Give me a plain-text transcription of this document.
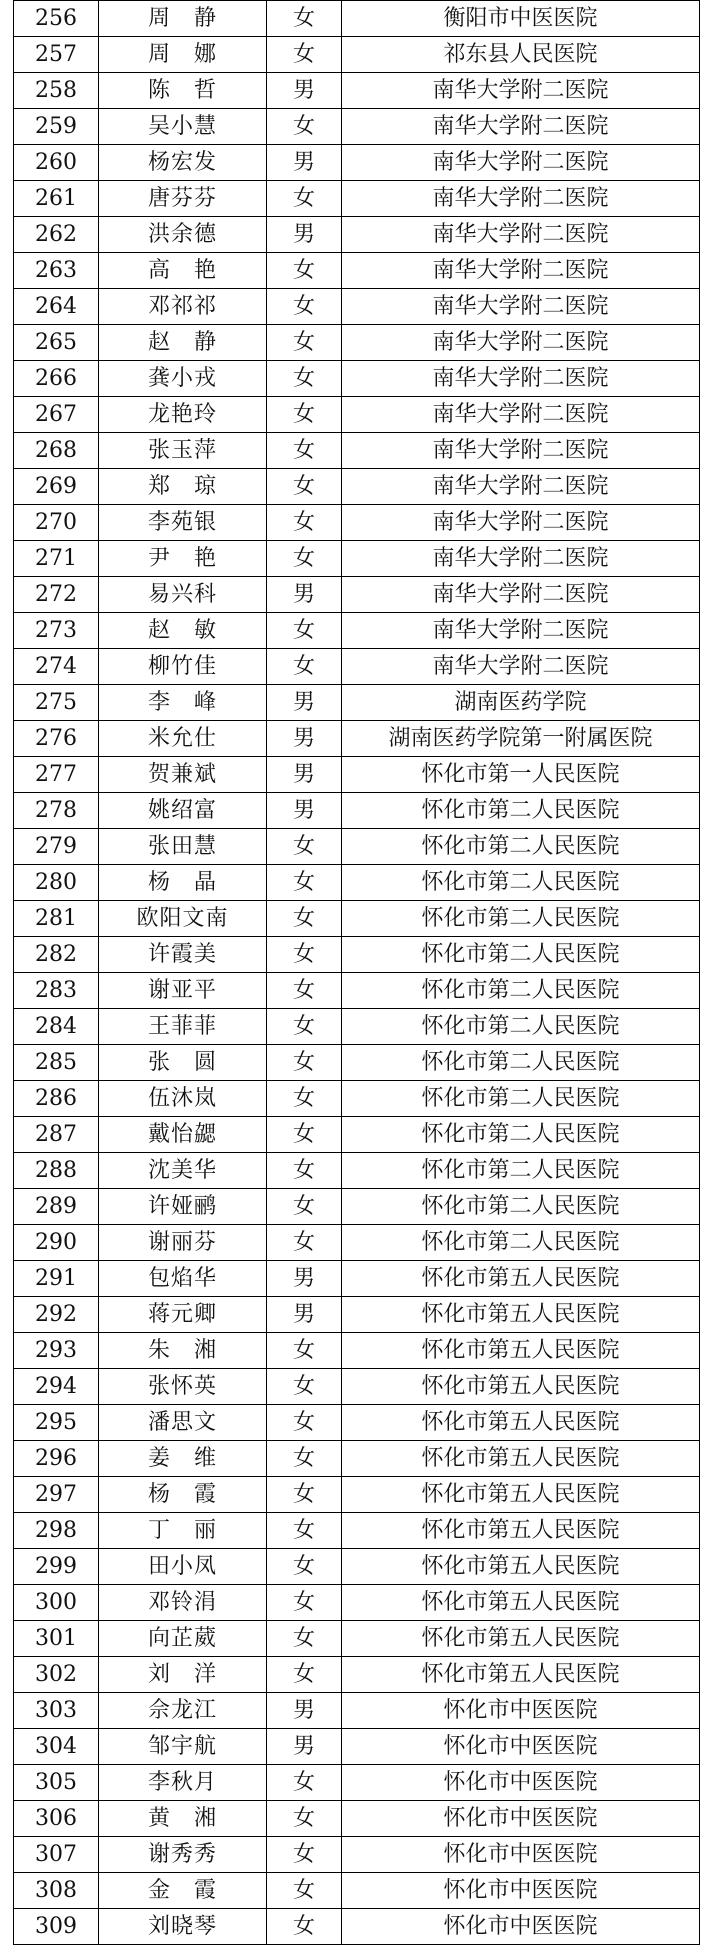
256	周　静	女	衡阳市中医医院
257	周　娜	女	祁东县人民医院
258	陈　哲	男	南华大学附二医院
259	吴小慧	女	南华大学附二医院
260	杨宏发	男	南华大学附二医院
261	唐芬芬	女	南华大学附二医院
262	洪余德	男	南华大学附二医院
263	高　艳	女	南华大学附二医院
264	邓祁祁	女	南华大学附二医院
265	赵　静	女	南华大学附二医院
266	龚小戎	女	南华大学附二医院
267	龙艳玲	女	南华大学附二医院
268	张玉萍	女	南华大学附二医院
269	郑　琼	女	南华大学附二医院
270	李苑银	女	南华大学附二医院
271	尹　艳	女	南华大学附二医院
272	易兴科	男	南华大学附二医院
273	赵　敏	女	南华大学附二医院
274	柳竹佳	女	南华大学附二医院
275	李　峰	男	湖南医药学院
276	米允仕	男	湖南医药学院第一附属医院
277	贺兼斌	男	怀化市第一人民医院
278	姚绍富	男	怀化市第二人民医院
279	张田慧	女	怀化市第二人民医院
280	杨　晶	女	怀化市第二人民医院
281	欧阳文南	女	怀化市第二人民医院
282	许霞美	女	怀化市第二人民医院
283	谢亚平	女	怀化市第二人民医院
284	王菲菲	女	怀化市第二人民医院
285	张　圆	女	怀化市第二人民医院
286	伍沐岚	女	怀化市第二人民医院
287	戴怡勰	女	怀化市第二人民医院
288	沈美华	女	怀化市第二人民医院
289	许娅鹂	女	怀化市第二人民医院
290	谢丽芬	女	怀化市第二人民医院
291	包焰华	男	怀化市第五人民医院
292	蒋元卿	男	怀化市第五人民医院
293	朱　湘	女	怀化市第五人民医院
294	张怀英	女	怀化市第五人民医院
295	潘思文	女	怀化市第五人民医院
296	姜　维	女	怀化市第五人民医院
297	杨　霞	女	怀化市第五人民医院
298	丁　丽	女	怀化市第五人民医院
299	田小凤	女	怀化市第五人民医院
300	邓铃涓	女	怀化市第五人民医院
301	向芷葳	女	怀化市第五人民医院
302	刘　洋	女	怀化市第五人民医院
303	佘龙江	男	怀化市中医医院
304	邹宇航	男	怀化市中医医院
305	李秋月	女	怀化市中医医院
306	黄　湘	女	怀化市中医医院
307	谢秀秀	女	怀化市中医医院
308	金　霞	女	怀化市中医医院
309	刘晓琴	女	怀化市中医医院
